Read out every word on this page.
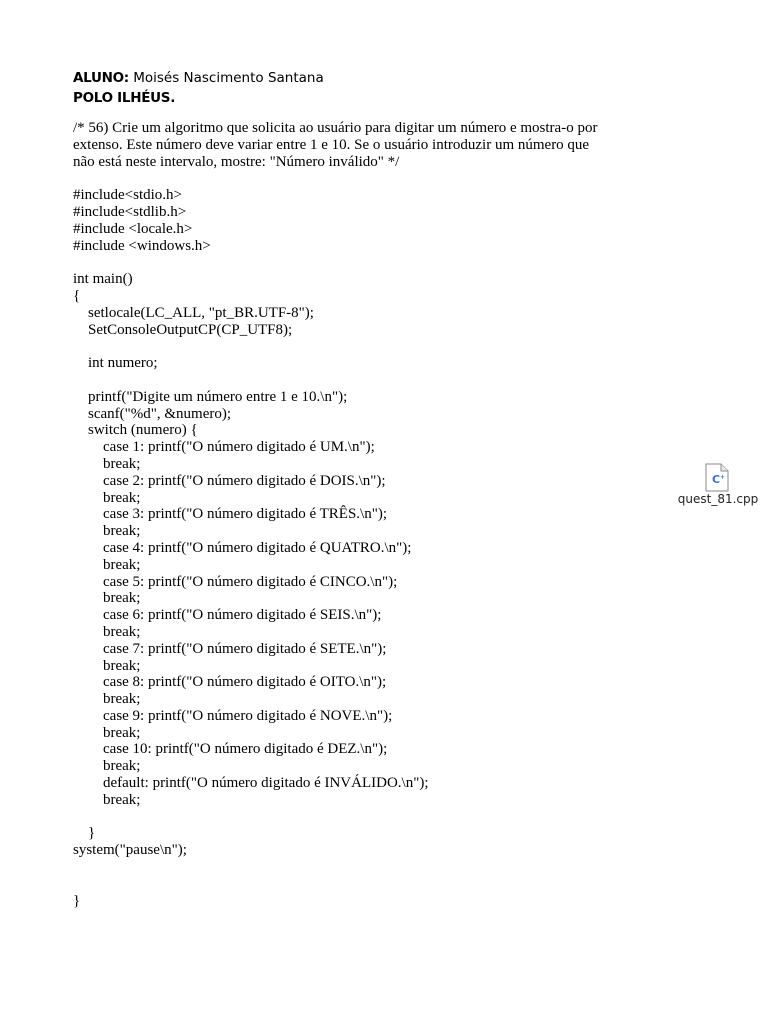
ALUNO: Moisés Nascimento Santana
POLO ILHÉUS.
/* 56) Crie um algoritmo que solicita ao usuário para digitar um número e mostra-o por
extenso. Este número deve variar entre 1 e 10. Se o usuário introduzir um número que
não está neste intervalo, mostre: "Número inválido" */
#include<stdio.h>
#include<stdlib.h>
#include <locale.h>
#include <windows.h>
int main()
{
setlocale(LC_ALL, "pt_BR.UTF-8");
SetConsoleOutputCP(CP_UTF8);
int numero;
printf("Digite um número entre 1 e 10.\n");
scanf("%d", &numero);
switch (numero) {
case 1: printf("O número digitado é UM.\n");
break;
case 2: printf("O número digitado é DOIS.\n");
break;
case 3: printf("O número digitado é TRÊS.\n");
break;
case 4: printf("O número digitado é QUATRO.\n");
break;
case 5: printf("O número digitado é CINCO.\n");
break;
case 6: printf("O número digitado é SEIS.\n");
break;
case 7: printf("O número digitado é SETE.\n");
break;
case 8: printf("O número digitado é OITO.\n");
break;
case 9: printf("O número digitado é NOVE.\n");
break;
case 10: printf("O número digitado é DEZ.\n");
break;
default: printf("O número digitado é INVÁLIDO.\n");
break;
}
system("pause\n");
}
C +
quest_81.cpp
